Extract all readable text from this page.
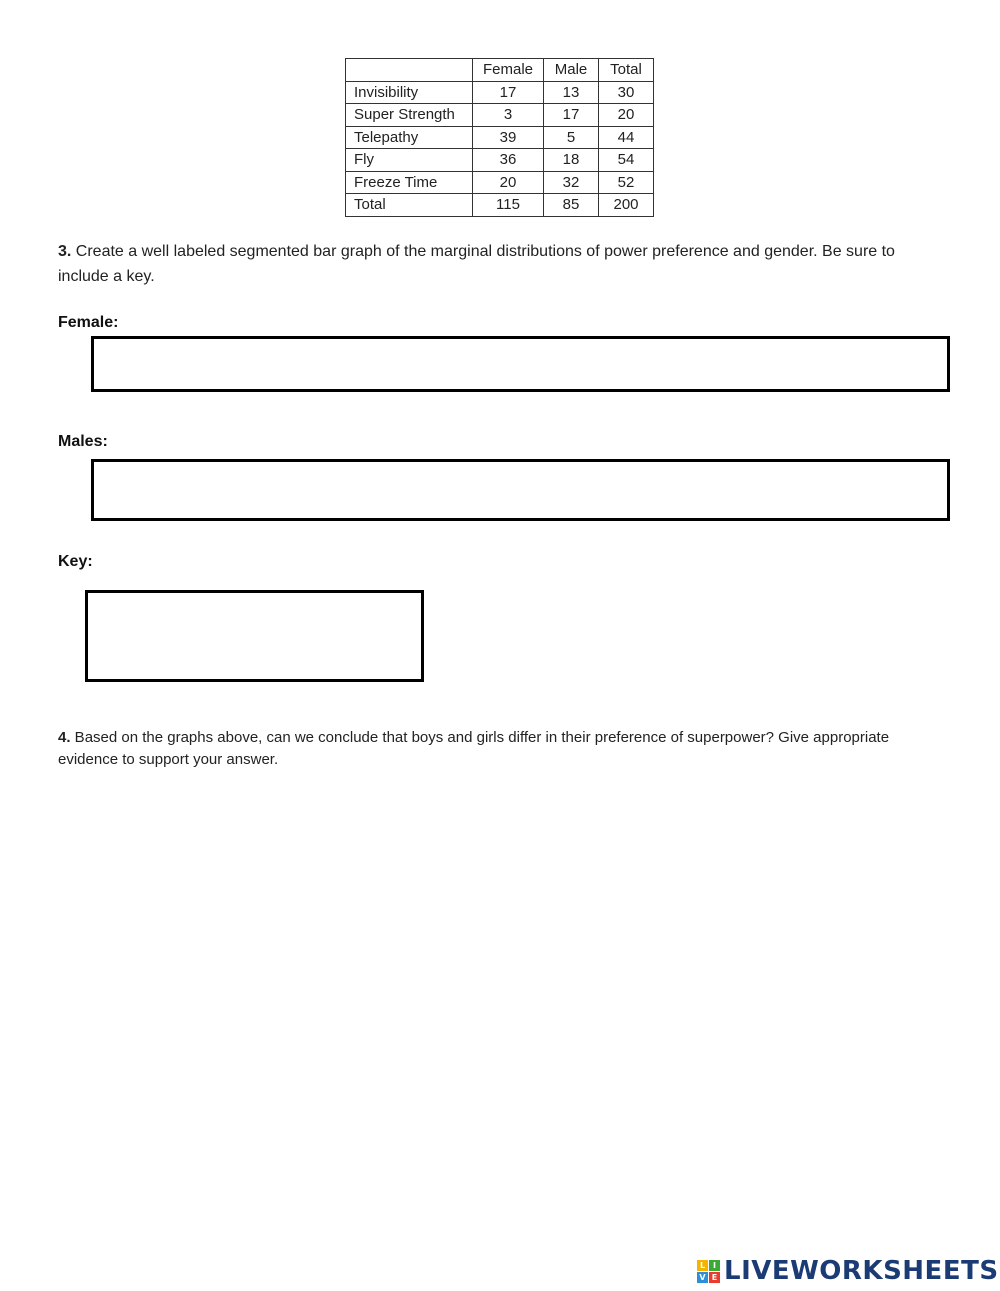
	Female	Male	Total
Invisibility	17	13	30
Super Strength	3	17	20
Telepathy	39	5	44
Fly	36	18	54
Freeze Time	20	32	52
Total	115	85	200
3. Create a well labeled segmented bar graph of the marginal distributions of power preference and gender. Be sure to include a key.
Female:
Males:
Key:
4. Based on the graphs above, can we conclude that boys and girls differ in their preference of superpower? Give appropriate evidence to support your answer.
L I
V E LIVEWORKSHEETS
